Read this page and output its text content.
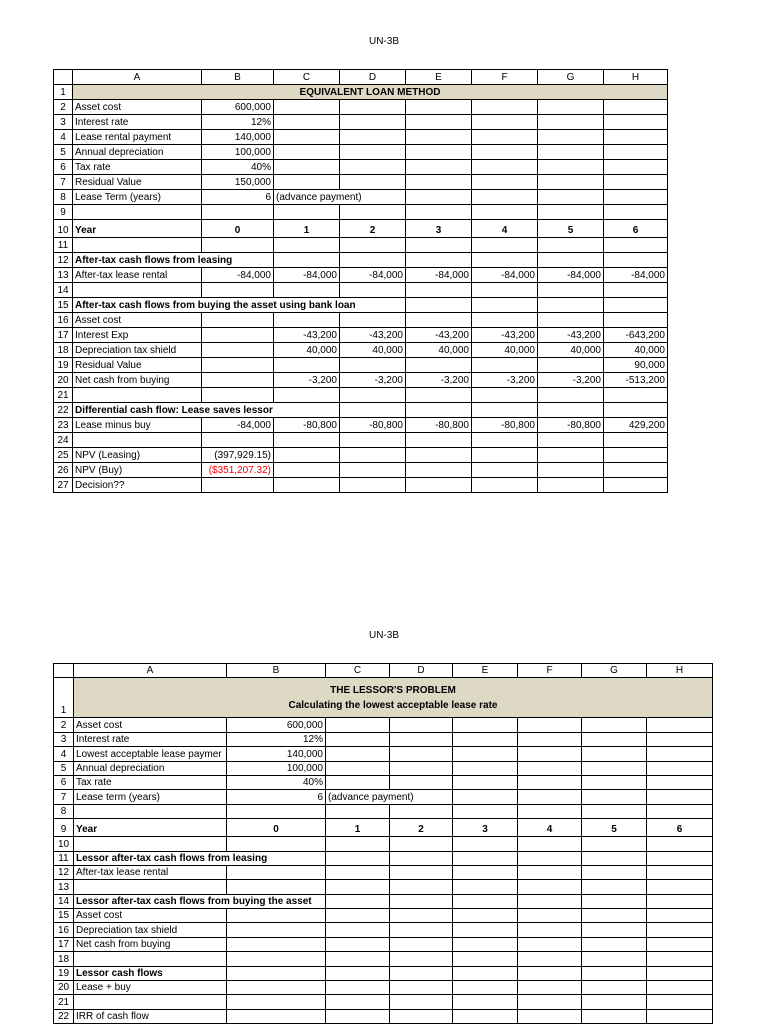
UN-3B
	A	B	C	D	E	F	G	H
1	EQUIVALENT LOAN METHOD							
2	Asset cost	600,000						
3	Interest rate	12%						
4	Lease rental payment	140,000						
5	Annual depreciation	100,000						
6	Tax rate	40%						
7	Residual Value	150,000						
8	Lease Term (years)	6	(advance payment)					
9								
10	Year	0	1	2	3	4	5	6
11								
12	After-tax cash flows from leasing							
13	After-tax lease rental	-84,000	-84,000	-84,000	-84,000	-84,000	-84,000	-84,000
14								
15	After-tax cash flows from buying the asset using bank loan							
16	Asset cost							
17	Interest Exp		-43,200	-43,200	-43,200	-43,200	-43,200	-643,200
18	Depreciation tax shield		40,000	40,000	40,000	40,000	40,000	40,000
19	Residual Value							90,000
20	Net cash from buying		-3,200	-3,200	-3,200	-3,200	-3,200	-513,200
21								
22	Differential cash flow: Lease saves lessor							
23	Lease minus buy	-84,000	-80,800	-80,800	-80,800	-80,800	-80,800	429,200
24								
25	NPV (Leasing)	(397,929.15)						
26	NPV (Buy)	($351,207.32)						
27	Decision??							
UN-3B
	A	B	C	D	E	F	G	H
1	THE LESSOR'S PROBLEM
Calculating the lowest acceptable lease rate							

2	Asset cost	600,000						
3	Interest rate	12%						
4	Lowest acceptable lease paymer	140,000						
5	Annual depreciation	100,000						
6	Tax rate	40%						
7	Lease term (years)	6	(advance payment)					
8								
9	Year	0	1	2	3	4	5	6
10								
11	Lessor after-tax cash flows from leasing							
12	After-tax lease rental							
13								
14	Lessor after-tax cash flows from buying the asset							
15	Asset cost							
16	Depreciation tax shield							
17	Net cash from buying							
18								
19	Lessor cash flows							
20	Lease + buy							
21								
22	IRR of cash flow							
